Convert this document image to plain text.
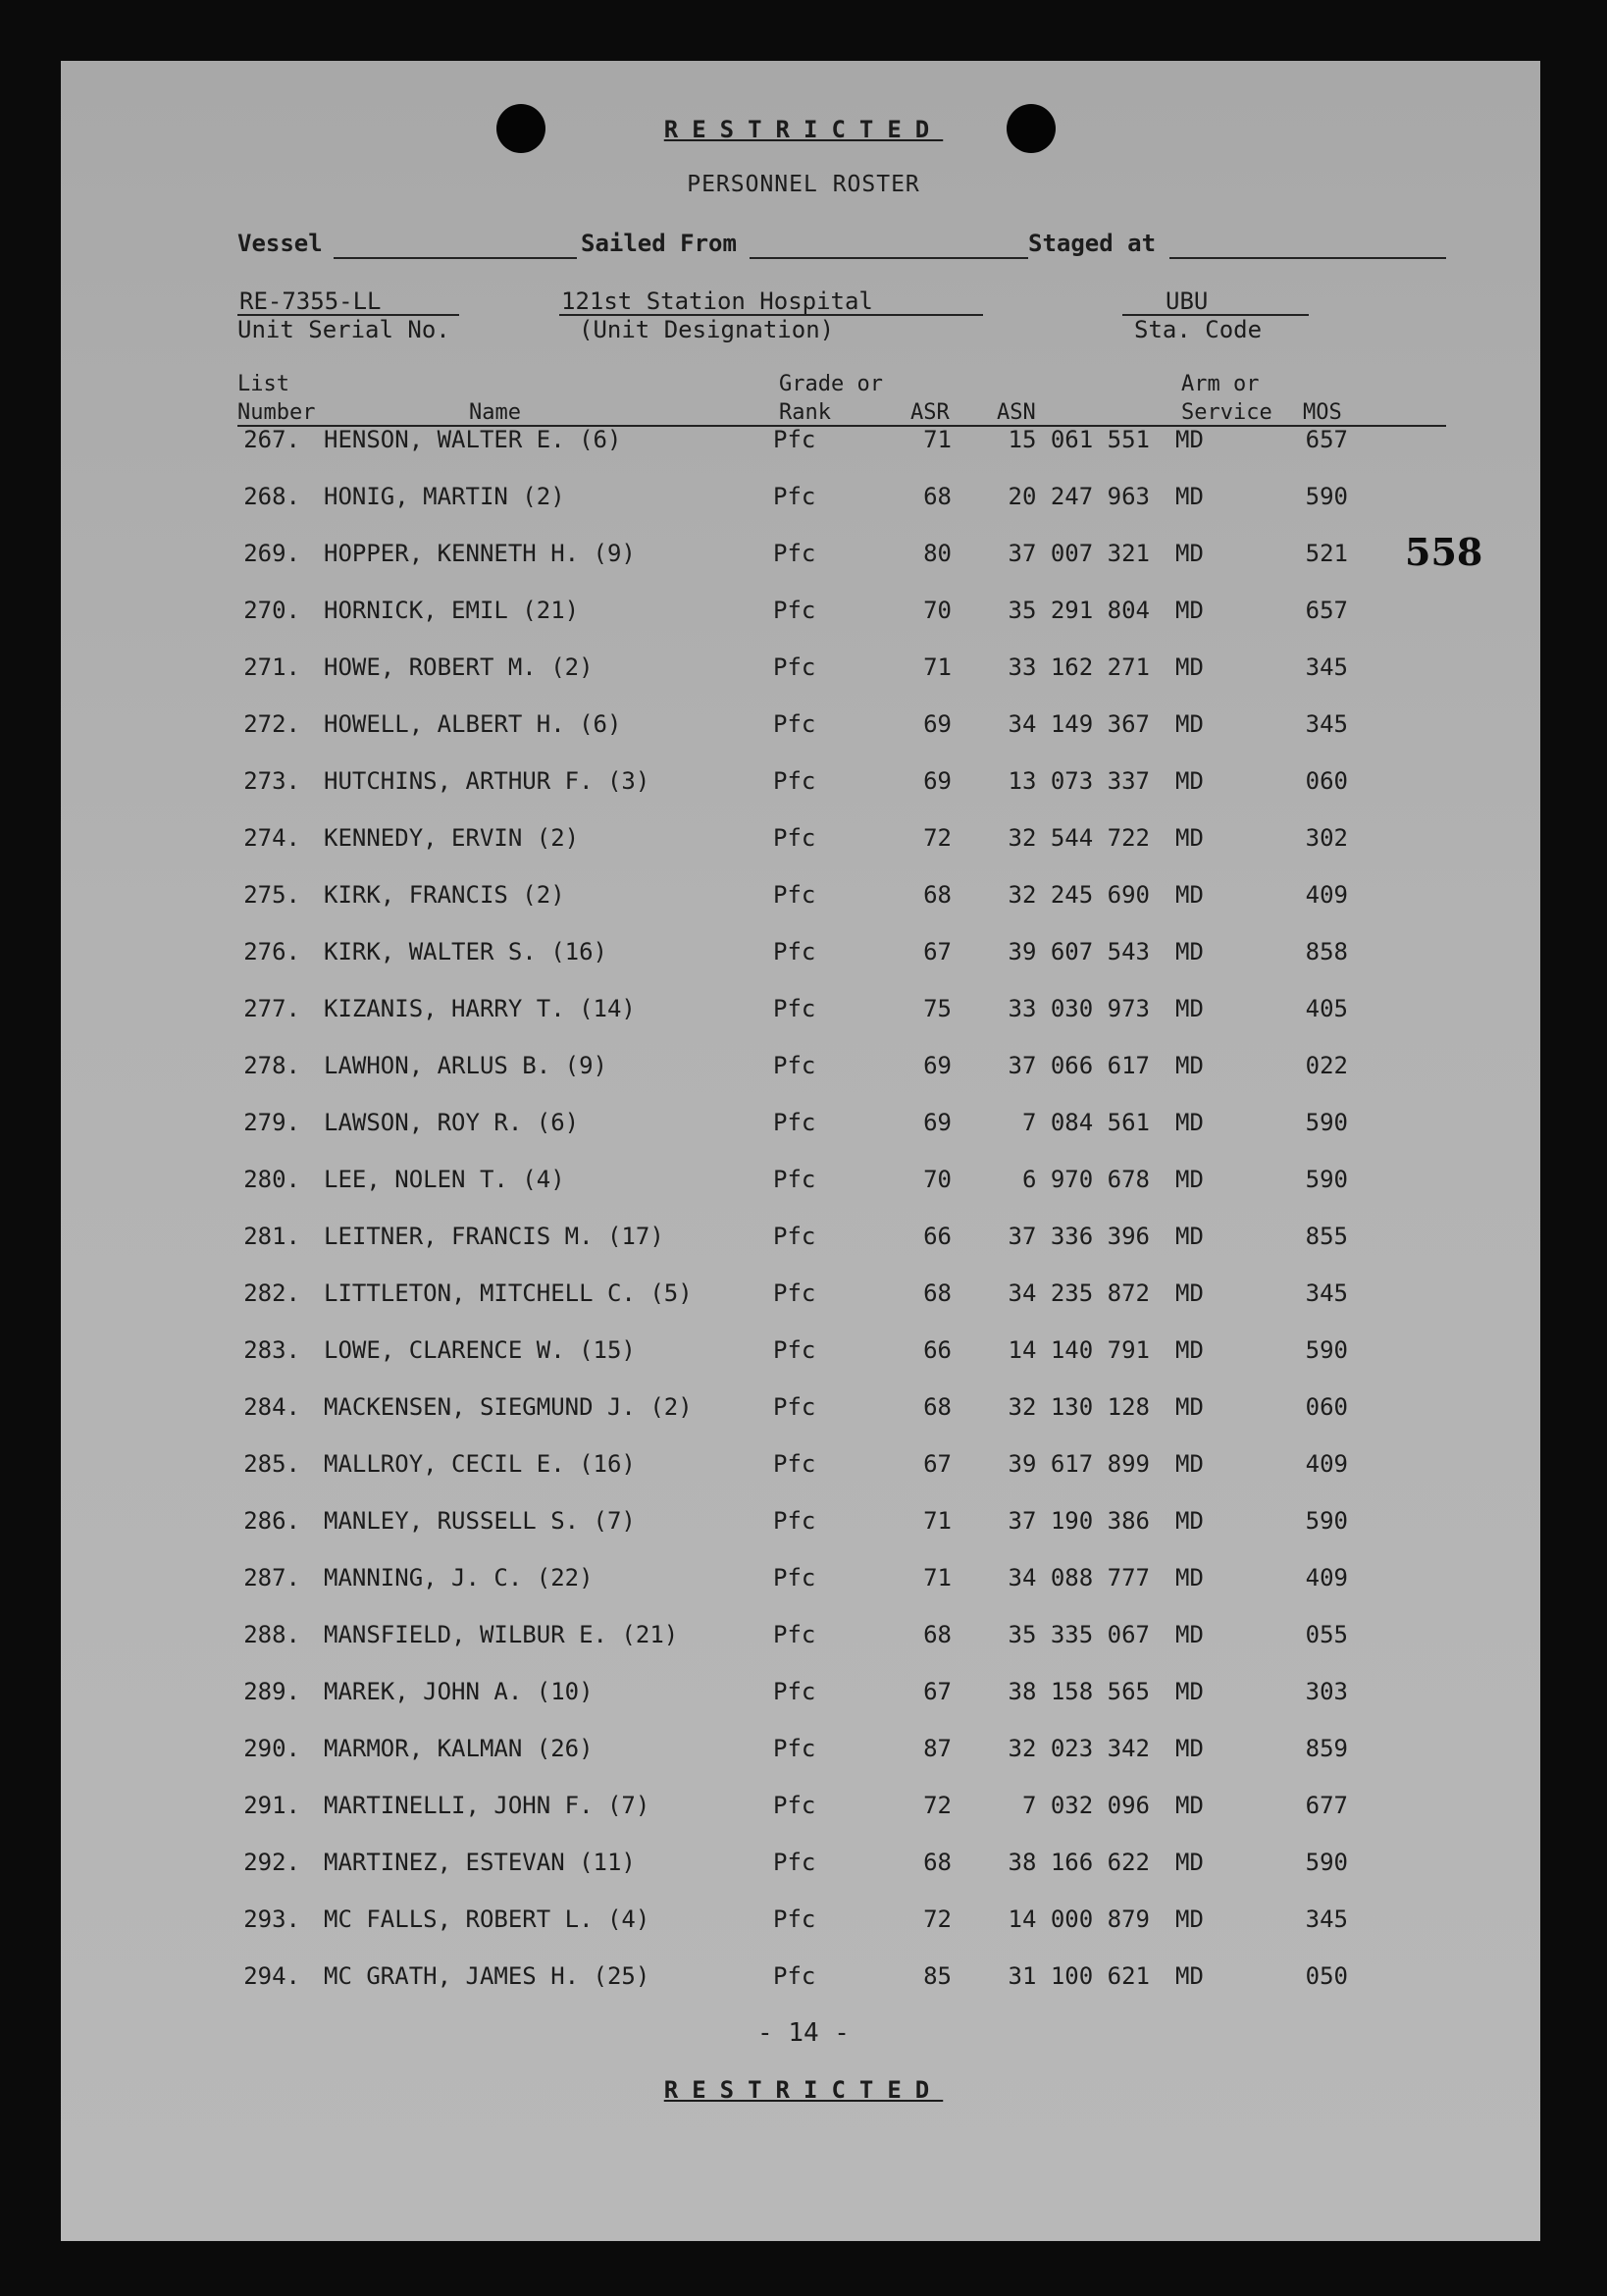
RESTRICTED
PERSONNEL ROSTER
Vessel	Sailed From	Staged at
RE-7355-LL
Unit Serial No.
121st Station Hospital
(Unit Designation)
UBU
Sta. Code
List
Number	Name
Grade or
Rank	ASR ASN
Arm or
Service MOS
267. HENSON, WALTER E. (6)	Pfc	71	15 061 551 MD	657
268. HONIG, MARTIN (2)	Pfc	68	20 247 963 MD	590
269. HOPPER, KENNETH H. (9)	Pfc	80	37 007 321 MD	521
270. HORNICK, EMIL (21)	Pfc	70	35 291 804 MD	657
271. HOWE, ROBERT M. (2)	Pfc	71	33 162 271 MD	345
272. HOWELL, ALBERT H. (6)	Pfc	69	34 149 367 MD	345
273. HUTCHINS, ARTHUR F. (3)	Pfc	69	13 073 337 MD	060
274. KENNEDY, ERVIN (2)	Pfc	72	32 544 722 MD	302
275. KIRK, FRANCIS (2)	Pfc	68	32 245 690 MD	409
276. KIRK, WALTER S. (16)	Pfc	67	39 607 543 MD	858
277. KIZANIS, HARRY T. (14)	Pfc	75	33 030 973 MD	405
278. LAWHON, ARLUS B. (9)	Pfc	69	37 066 617 MD	022
279. LAWSON, ROY R. (6)	Pfc	69	7 084 561 MD	590
280. LEE, NOLEN T. (4)	Pfc	70	6 970 678 MD	590
281. LEITNER, FRANCIS M. (17)	Pfc	66	37 336 396 MD	855
282. LITTLETON, MITCHELL C. (5)	Pfc	68	34 235 872 MD	345
283. LOWE, CLARENCE W. (15)	Pfc	66	14 140 791 MD	590
284. MACKENSEN, SIEGMUND J. (2)	Pfc	68	32 130 128 MD	060
285. MALLROY, CECIL E. (16)	Pfc	67	39 617 899 MD	409
286. MANLEY, RUSSELL S. (7)	Pfc	71	37 190 386 MD	590
287. MANNING, J. C. (22)	Pfc	71	34 088 777 MD	409
288. MANSFIELD, WILBUR E. (21)	Pfc	68	35 335 067 MD	055
289. MAREK, JOHN A. (10)	Pfc	67	38 158 565 MD	303
290. MARMOR, KALMAN (26)	Pfc	87	32 023 342 MD	859
291. MARTINELLI, JOHN F. (7)	Pfc	72	7 032 096 MD	677
292. MARTINEZ, ESTEVAN (11)	Pfc	68	38 166 622 MD	590
293. MC FALLS, ROBERT L. (4)	Pfc	72	14 000 879 MD	345
294. MC GRATH, JAMES H. (25)	Pfc	85	31 100 621 MD	050
558
- 14 -
RESTRICTED
